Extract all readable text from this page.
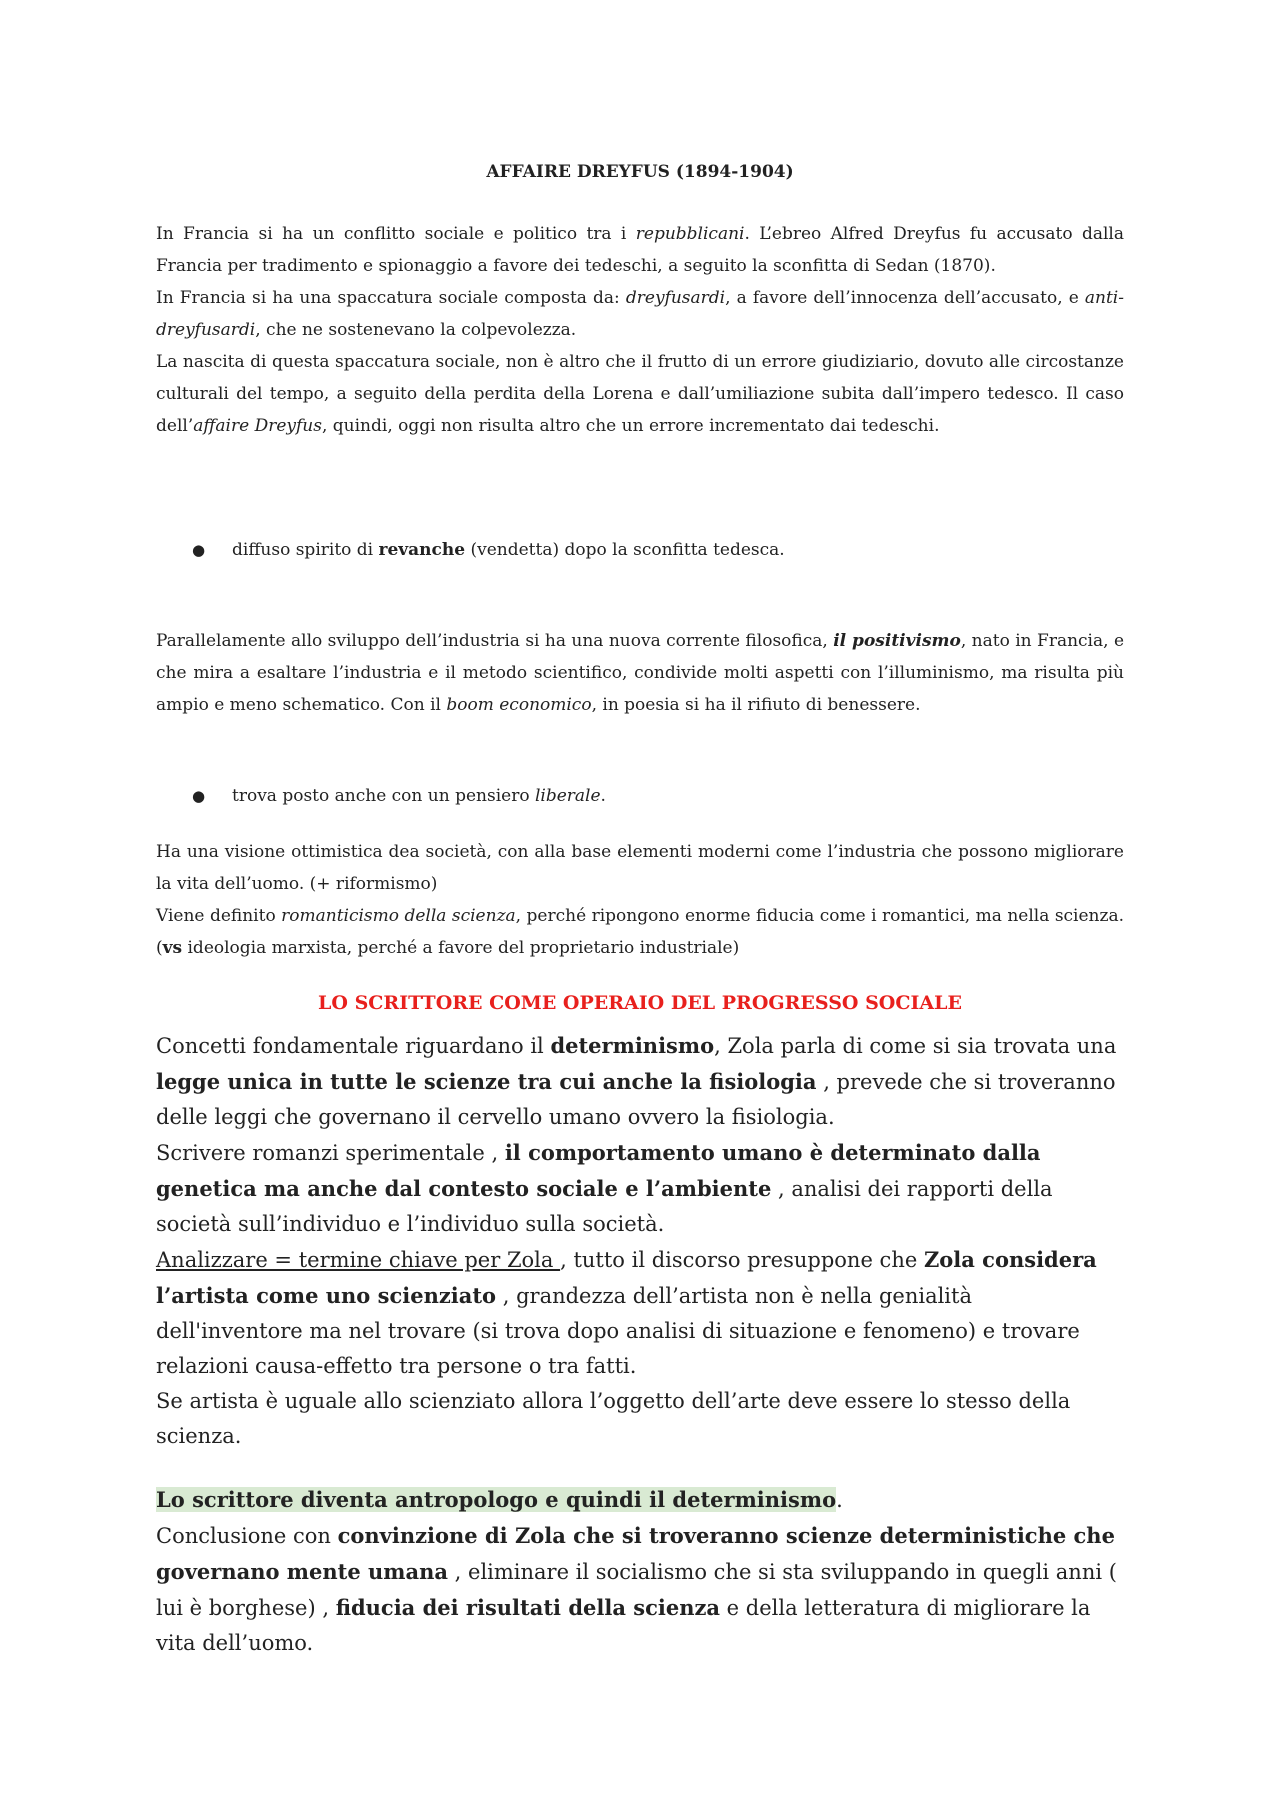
AFFAIRE DREYFUS (1894-1904)

In Francia si ha un conflitto sociale e politico tra i repubblicani. L’ebreo Alfred Dreyfus fu accusato dalla Francia per tradimento e spionaggio a favore dei tedeschi, a seguito la sconfitta di Sedan (1870).

In Francia si ha una spaccatura sociale composta da: dreyfusardi, a favore dell’innocenza dell’accusato, e anti-dreyfusardi, che ne sostenevano la colpevolezza.

La nascita di questa spaccatura sociale, non è altro che il frutto di un errore giudiziario, dovuto alle circostanze culturali del tempo, a seguito della perdita della Lorena e dall’umiliazione subita dall’impero tedesco. Il caso dell’affaire Dreyfus, quindi, oggi non risulta altro che un errore incrementato dai tedeschi.

● diffuso spirito di revanche (vendetta) dopo la sconfitta tedesca.

Parallelamente allo sviluppo dell’industria si ha una nuova corrente filosofica, il positivismo, nato in Francia, e che mira a esaltare l’industria e il metodo scientifico, condivide molti aspetti con l’illuminismo, ma risulta più ampio e meno schematico. Con il boom economico, in poesia si ha il rifiuto di benessere.

● trova posto anche con un pensiero liberale.

Ha una visione ottimistica dea società, con alla base elementi moderni come l’industria che possono migliorare la vita dell’uomo. (+ riformismo)

Viene definito romanticismo della scienza, perché ripongono enorme fiducia come i romantici, ma nella scienza. (vs ideologia marxista, perché a favore del proprietario industriale)

LO SCRITTORE COME OPERAIO DEL PROGRESSO SOCIALE

Concetti fondamentale riguardano il determinismo, Zola parla di come si sia trovata una legge unica in tutte le scienze tra cui anche la fisiologia , prevede che si troveranno delle leggi che governano il cervello umano ovvero la fisiologia.

Scrivere romanzi sperimentale , il comportamento umano è determinato dalla genetica ma anche dal contesto sociale e l’ambiente , analisi dei rapporti della società sull’individuo e l’individuo sulla società.

Analizzare = termine chiave per Zola , tutto il discorso presuppone che Zola considera l’artista come uno scienziato , grandezza dell’artista non è nella genialità dell'inventore ma nel trovare (si trova dopo analisi di situazione e fenomeno) e trovare relazioni causa-effetto tra persone o tra fatti.

Se artista è uguale allo scienziato allora l’oggetto dell’arte deve essere lo stesso della scienza.

Lo scrittore diventa antropologo e quindi il determinismo.

Conclusione con convinzione di Zola che si troveranno scienze deterministiche che governano mente umana , eliminare il socialismo che si sta sviluppando in quegli anni ( lui è borghese) , fiducia dei risultati della scienza e della letteratura di migliorare la vita dell’uomo.
